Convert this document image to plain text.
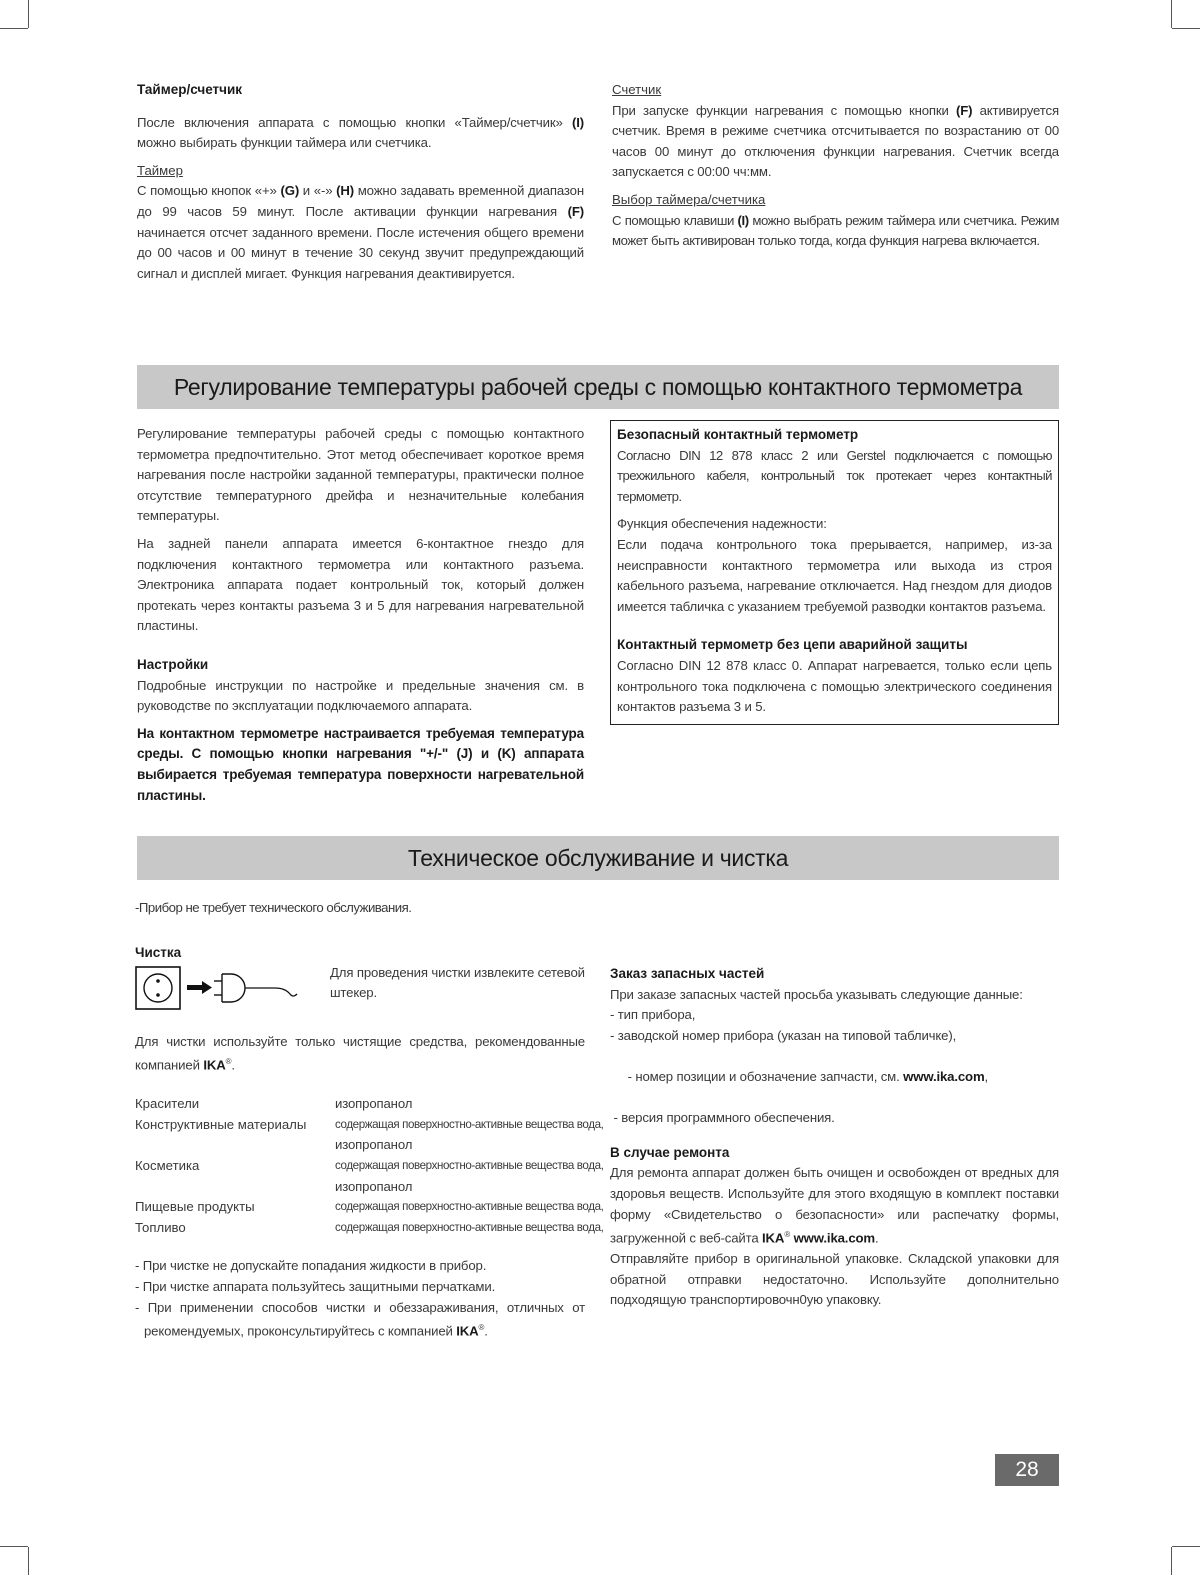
Таймер/счетчик

После включения аппарата с помощью кнопки «Таймер/счетчик» (I) можно выбирать функции таймера или счетчика.

Таймер

С помощью кнопок «+» (G) и «-» (H) можно задавать временной диапазон до 99 часов 59 минут. После активации функции нагревания (F) начинается отсчет заданного времени. После истечения общего времени до 00 часов и 00 минут в течение 30 секунд звучит предупреждающий сигнал и дисплей мигает. Функция нагревания деактивируется.

Счетчик

При запуске функции нагревания с помощью кнопки (F) активируется счетчик. Время в режиме счетчика отсчитывается по возрастанию от 00 часов 00 минут до отключения функции нагревания. Счетчик всегда запускается с 00:00 чч:мм.

Выбор таймера/счетчика

С помощью клавиши (I) можно выбрать режим таймера или счетчика. Режим может быть активирован только тогда, когда функция нагрева включается.

Регулирование температуры рабочей среды с помощью контактного термометра

Регулирование температуры рабочей среды с помощью контактного термометра предпочтительно. Этот метод обеспечивает короткое время нагревания после настройки заданной температуры, практически полное отсутствие температурного дрейфа и незначительные колебания температуры.

На задней панели аппарата имеется 6-контактное гнездо для подключения контактного термометра или контактного разъема. Электроника аппарата подает контрольный ток, который должен протекать через контакты разъема 3 и 5 для нагревания нагревательной пластины.

Настройки

Подробные инструкции по настройке и предельные значения см. в руководстве по эксплуатации подключаемого аппарата.

На контактном термометре настраивается требуемая температура среды. С помощью кнопки нагревания "+/-" (J) и (K) аппарата выбирается требуемая температура поверхности нагревательной пластины.

Безопасный контактный термометр

Согласно DIN 12 878 класс 2 или Gerstel подключается с помощью трехжильного кабеля, контрольный ток протекает через контактный термометр.

Функция обеспечения надежности:

Если подача контрольного тока прерывается, например, из-за неисправности контактного термометра или выхода из строя кабельного разъема, нагревание отключается. Над гнездом для диодов имеется табличка с указанием требуемой разводки контактов разъема.

Контактный термометр без цепи аварийной защиты

Согласно DIN 12 878 класс 0. Аппарат нагревается, только если цепь контрольного тока подключена с помощью электрического соединения контактов разъема 3 и 5.

Техническое обслуживание и чистка
-Прибор не требует технического обслуживания.
Чистка

Для проведения чистки извлеките сетевой штекер.

Для чистки используйте только чистящие средства, рекомендованные компанией IKA®.

Красители	изопропанол
Конструктивные материалы	содержащая поверхностно-активные вещества вода,
изопропанол
Косметика	содержащая поверхностно-активные вещества вода,
изопропанол
Пищевые продукты	содержащая поверхностно-активные вещества вода,
Топливо	содержащая поверхностно-активные вещества вода,
- При чистке не допускайте попадания жидкости в прибор.
- При чистке аппарата пользуйтесь защитными перчатками.

- При применении способов чистки и обеззараживания, отличных от рекомендуемых, проконсультируйтесь с компанией IKA®.

Заказ запасных частей
При заказе запасных частей просьба указывать следующие данные:
- тип прибора,
- заводской номер прибора (указан на типовой табличке),

- номер позиции и обозначение запчасти, см. www.ika.com,

- версия программного обеспечения.
В случае ремонта

Для ремонта аппарат должен быть очищен и освобожден от вредных для здоровья веществ. Используйте для этого входящую в комплект поставки форму «Свидетельство о безопасности» или распечатку формы, загруженной с веб-сайта IKA® www.ika.com.

Отправляйте прибор в оригинальной упаковке. Складской упаковки для обратной отправки недостаточно. Используйте дополнительно подходящую транспортировочн0ую упаковку.

28
